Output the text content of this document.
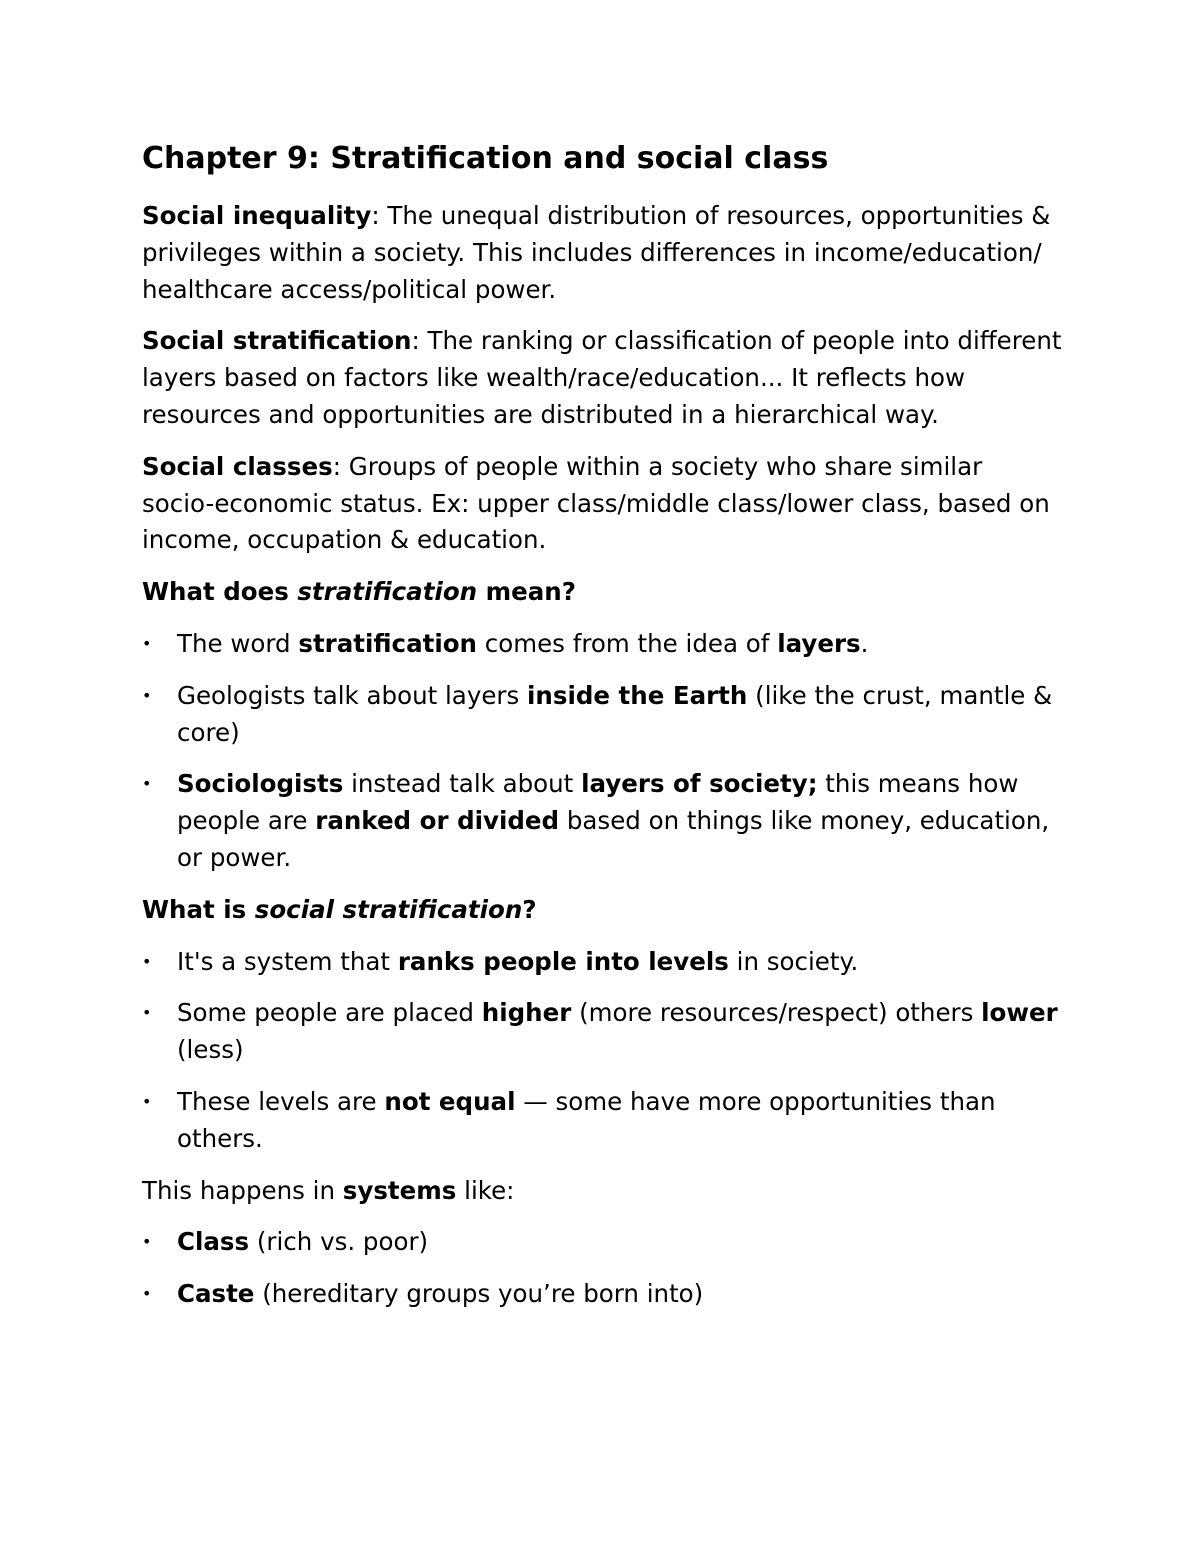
Chapter 9: Stratification and social class

Social inequality: The unequal distribution of resources, opportunities & privileges within a society. This includes differences in income/education/ healthcare access/political power.

Social stratification: The ranking or classification of people into different layers based on factors like wealth/race/education... It reflects how resources and opportunities are distributed in a hierarchical way.

Social classes: Groups of people within a society who share similar socio-economic status. Ex: upper class/middle class/lower class, based on income, occupation & education.

What does stratification mean?

•	The word stratification comes from the idea of layers.
•	Geologists talk about layers inside the Earth (like the crust, mantle & core)
•	Sociologists instead talk about layers of society; this means how people are ranked or divided based on things like money, education, or power.

What is social stratification?

•	It's a system that ranks people into levels in society.
•	Some people are placed higher (more resources/respect) others lower (less)
•	These levels are not equal — some have more opportunities than others.

This happens in systems like:

•	Class (rich vs. poor)
•	Caste (hereditary groups you’re born into)
